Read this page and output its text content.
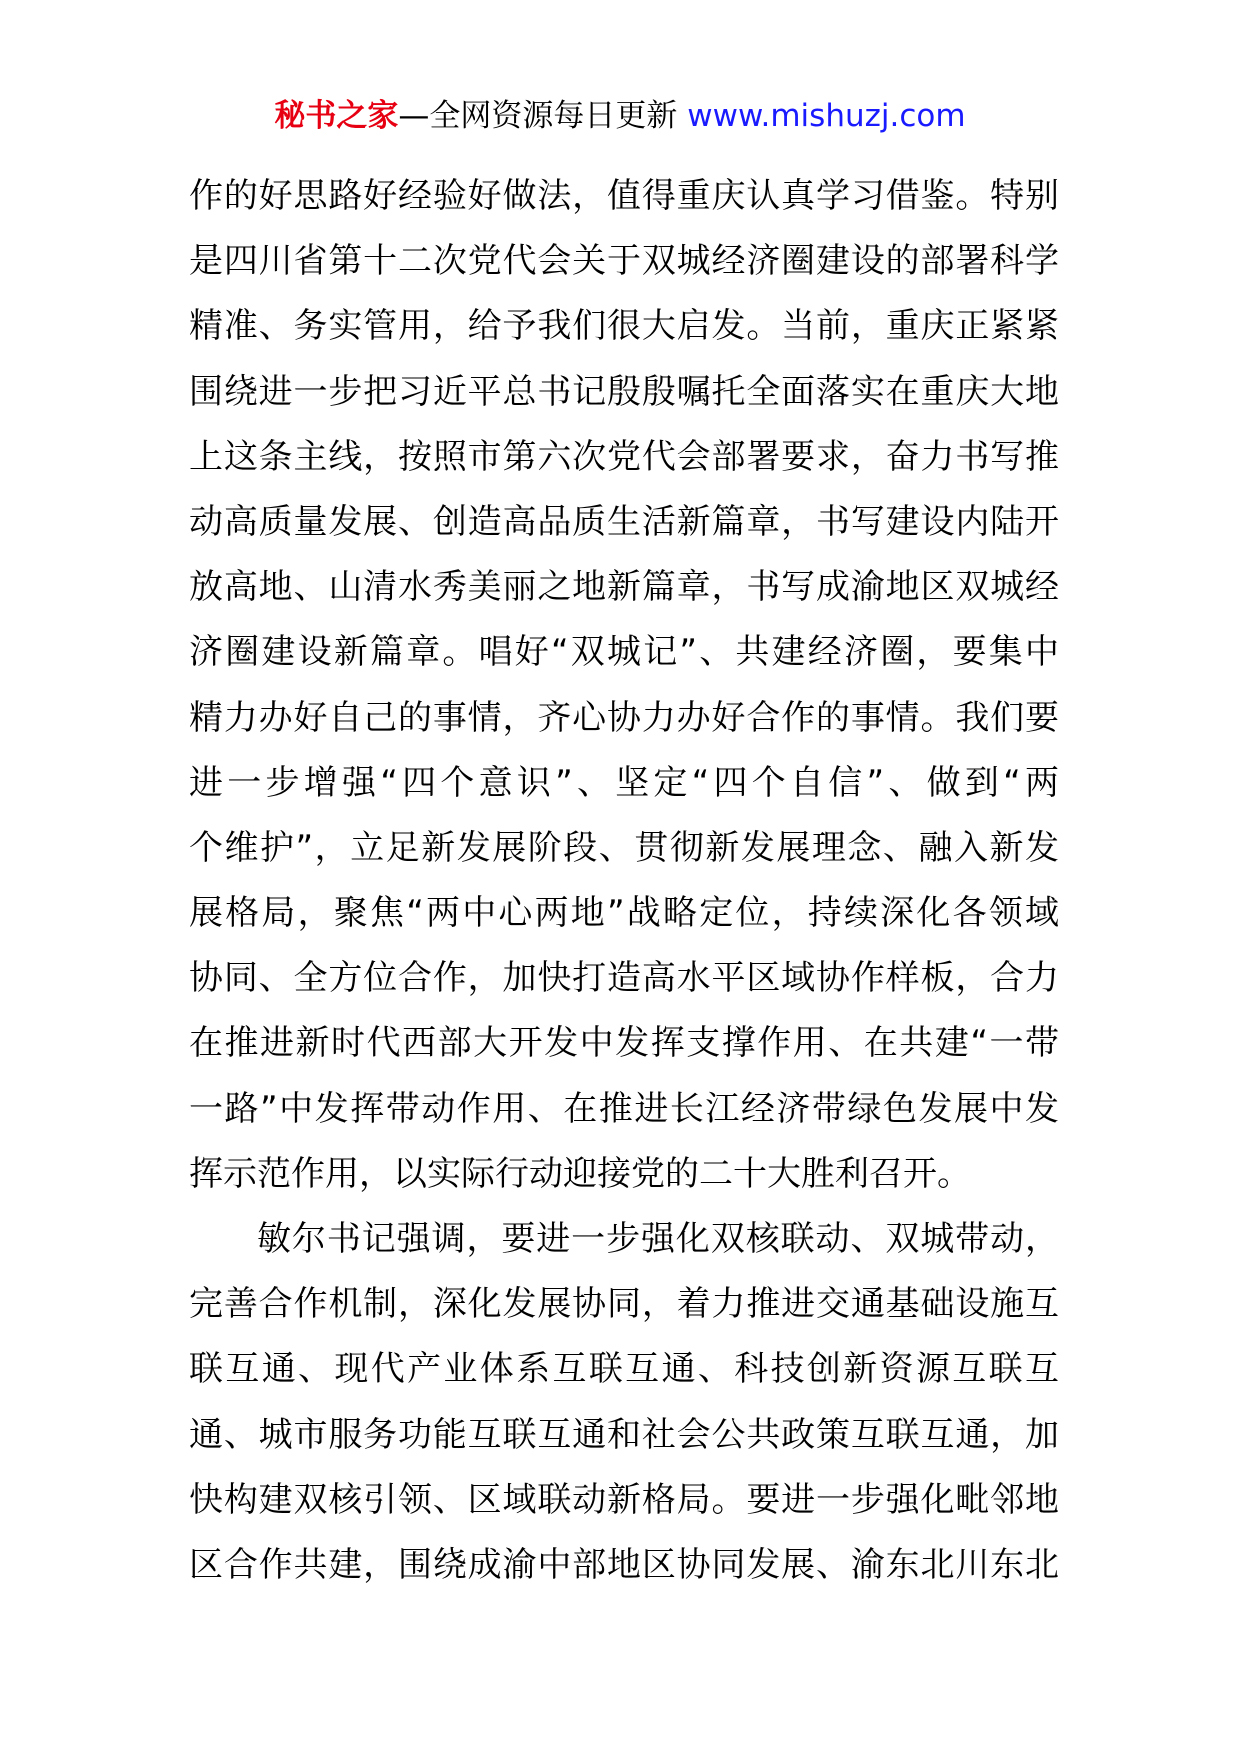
秘书之家—全网资源每日更新 www.mishuzj.com
作的好思路好经验好做法，值得重庆认真学习借鉴。特别
是四川省第十二次党代会关于双城经济圈建设的部署科学
精准、务实管用，给予我们很大启发。当前，重庆正紧紧
围绕进一步把习近平总书记殷殷嘱托全面落实在重庆大地
上这条主线，按照市第六次党代会部署要求，奋力书写推
动高质量发展、创造高品质生活新篇章，书写建设内陆开
放高地、山清水秀美丽之地新篇章，书写成渝地区双城经
济圈建设新篇章。唱好“双城记”、共建经济圈，要集中
精力办好自己的事情，齐心协力办好合作的事情。我们要
进一步增强“四个意识”、坚定“四个自信”、做到“两
个维护”，立足新发展阶段、贯彻新发展理念、融入新发
展格局，聚焦“两中心两地”战略定位，持续深化各领域
协同、全方位合作，加快打造高水平区域协作样板，合力
在推进新时代西部大开发中发挥支撑作用、在共建“一带
一路”中发挥带动作用、在推进长江经济带绿色发展中发
挥示范作用，以实际行动迎接党的二十大胜利召开。
敏尔书记强调，要进一步强化双核联动、双城带动，
完善合作机制，深化发展协同，着力推进交通基础设施互
联互通、现代产业体系互联互通、科技创新资源互联互
通、城市服务功能互联互通和社会公共政策互联互通，加
快构建双核引领、区域联动新格局。要进一步强化毗邻地
区合作共建，围绕成渝中部地区协同发展、渝东北川东北
